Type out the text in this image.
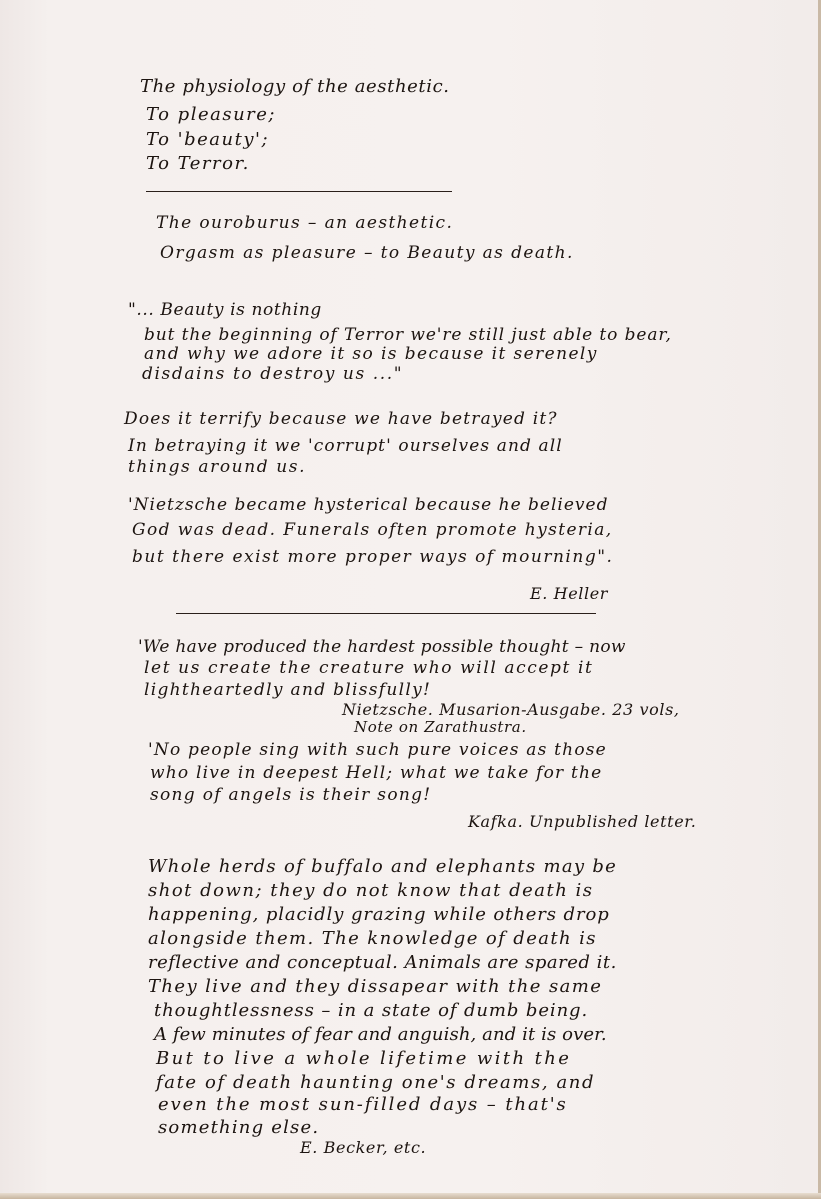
The physiology of the aesthetic.

To pleasure;

To 'beauty';

To Terror.

The ouroburus – an aesthetic.

Orgasm as pleasure – to Beauty as death.

"... Beauty is nothing

but the beginning of Terror we're still just able to bear,

and why we adore it so is because it serenely

disdains to destroy us ..."

Does it terrify because we have betrayed it?

In betraying it we 'corrupt' ourselves and all

things around us.

'Nietzsche became hysterical because he believed

God was dead. Funerals often promote hysteria,

but there exist more proper ways of mourning".

E. Heller

'We have produced the hardest possible thought – now

let us create the creature who will accept it

lightheartedly and blissfully!

Nietzsche. Musarion-Ausgabe. 23 vols,

Note on Zarathustra.

'No people sing with such pure voices as those

who live in deepest Hell; what we take for the

song of angels is their song!

Kafka. Unpublished letter.

Whole herds of buffalo and elephants may be

shot down; they do not know that death is

happening, placidly grazing while others drop

alongside them. The knowledge of death is

reflective and conceptual. Animals are spared it.

They live and they dissapear with the same

thoughtlessness – in a state of dumb being.

A few minutes of fear and anguish, and it is over.

But to live a whole lifetime with the

fate of death haunting one's dreams, and

even the most sun-filled days – that's

something else.

E. Becker, etc.
